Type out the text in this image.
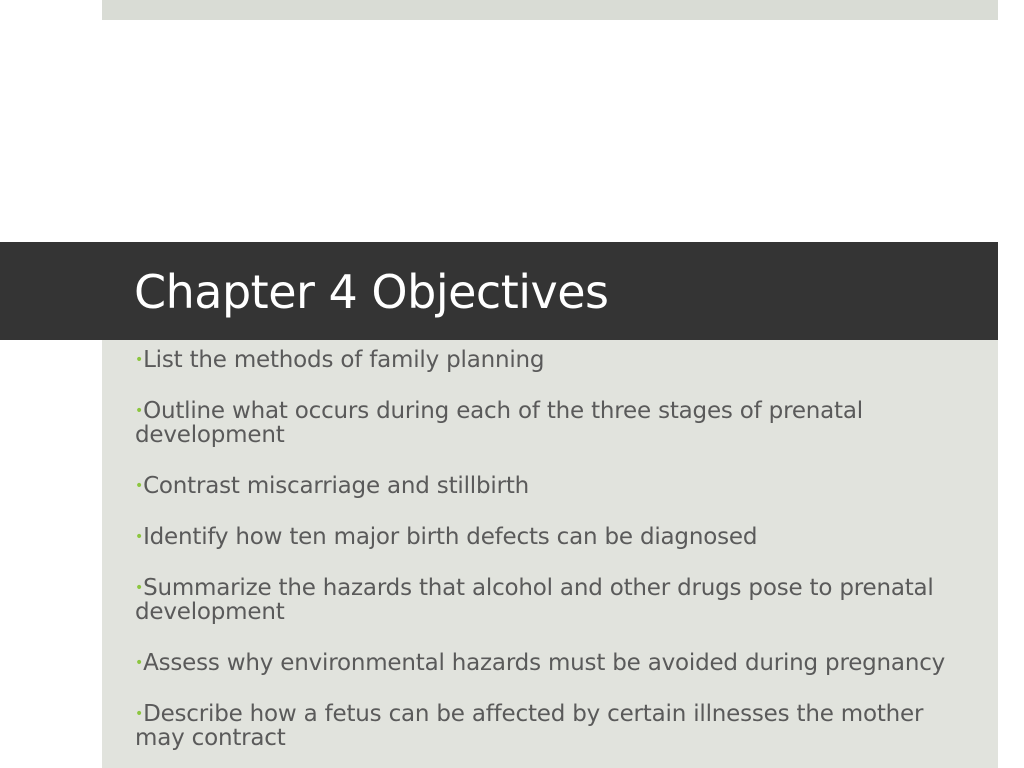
Chapter 4 Objectives
•List the methods of family planning
•Outline what occurs during each of the three stages of prenatal development
•Contrast miscarriage and stillbirth
•Identify how ten major birth defects can be diagnosed
•Summarize the hazards that alcohol and other drugs pose to prenatal development
•Assess why environmental hazards must be avoided during pregnancy
•Describe how a fetus can be affected by certain illnesses the mother may contract
